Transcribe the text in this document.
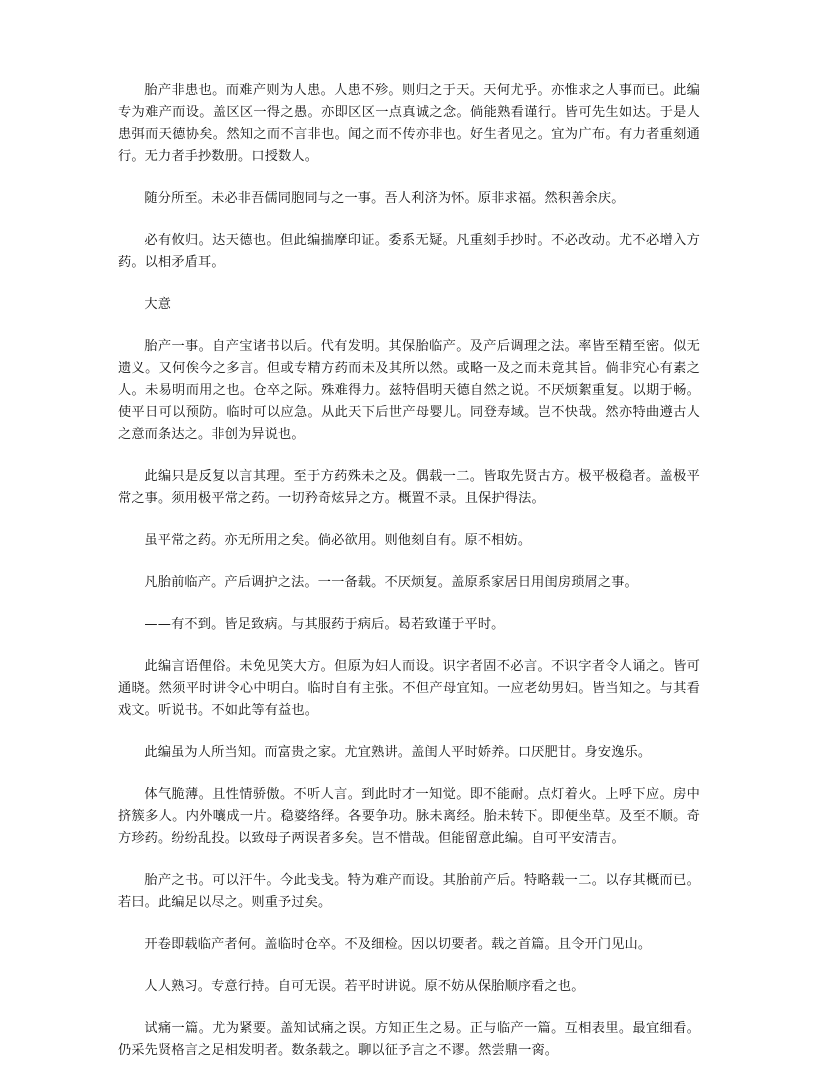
胎产非患也。而难产则为人患。人患不殄。则归之于天。天何尤乎。亦惟求之人事而已。此编专为难产而设。盖区区一得之愚。亦即区区一点真诚之念。倘能熟看谨行。皆可先生如达。于是人患弭而天德协矣。然知之而不言非也。闻之而不传亦非也。好生者见之。宜为广布。有力者重刻通行。无力者手抄数册。口授数人。

随分所至。未必非吾儒同胞同与之一事。吾人利济为怀。原非求福。然积善余庆。

必有攸归。达天德也。但此编揣摩印证。委系无疑。凡重刻手抄时。不必改动。尤不必增入方药。以相矛盾耳。

大意

胎产一事。自产宝诸书以后。代有发明。其保胎临产。及产后调理之法。率皆至精至密。似无遗义。又何俟今之多言。但或专精方药而未及其所以然。或略一及之而未竟其旨。倘非究心有素之人。未易明而用之也。仓卒之际。殊难得力。兹特倡明天德自然之说。不厌烦絮重复。以期于畅。使平日可以预防。临时可以应急。从此天下后世产母婴儿。同登寿域。岂不快哉。然亦特曲遵古人之意而条达之。非创为异说也。

此编只是反复以言其理。至于方药殊未之及。偶载一二。皆取先贤古方。极平极稳者。盖极平常之事。须用极平常之药。一切矜奇炫异之方。概置不录。且保护得法。

虽平常之药。亦无所用之矣。倘必欲用。则他刻自有。原不相妨。

凡胎前临产。产后调护之法。一一备载。不厌烦复。盖原系家居日用闺房琐屑之事。

——有不到。皆足致病。与其服药于病后。曷若致谨于平时。

此编言语俚俗。未免见笑大方。但原为妇人而设。识字者固不必言。不识字者令人诵之。皆可通晓。然须平时讲令心中明白。临时自有主张。不但产母宜知。一应老幼男妇。皆当知之。与其看戏文。听说书。不如此等有益也。

此编虽为人所当知。而富贵之家。尤宜熟讲。盖闺人平时娇养。口厌肥甘。身安逸乐。

体气脆薄。且性情骄傲。不听人言。到此时才一知觉。即不能耐。点灯着火。上呼下应。房中挤簇多人。内外嚷成一片。稳婆络绎。各要争功。脉未离经。胎未转下。即便坐草。及至不顺。奇方珍药。纷纷乱投。以致母子两误者多矣。岂不惜哉。但能留意此编。自可平安清吉。

胎产之书。可以汗牛。今此戋戋。特为难产而设。其胎前产后。特略载一二。以存其概而已。若曰。此编足以尽之。则重予过矣。

开卷即载临产者何。盖临时仓卒。不及细检。因以切要者。载之首篇。且令开门见山。

人人熟习。专意行持。自可无误。若平时讲说。原不妨从保胎顺序看之也。

试痛一篇。尤为紧要。盖知试痛之误。方知正生之易。正与临产一篇。互相表里。最宜细看。仍采先贤格言之足相发明者。数条载之。聊以征予言之不谬。然尝鼎一脔。
